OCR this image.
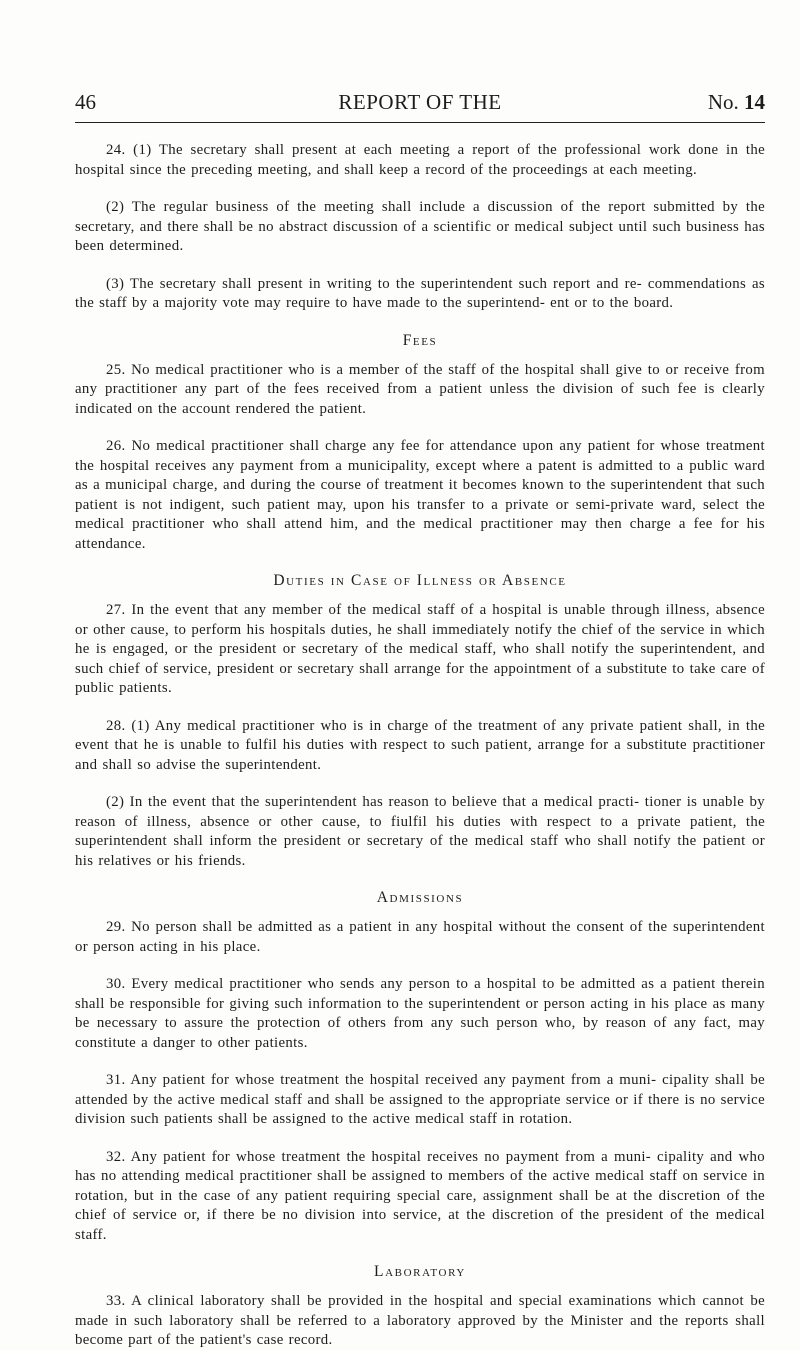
46	REPORT OF THE	No. 14

24. (1) The secretary shall present at each meeting a report of the professional work done in the hospital since the preceding meeting, and shall keep a record of the proceedings at each meeting.

(2) The regular business of the meeting shall include a discussion of the report submitted by the secretary, and there shall be no abstract discussion of a scientific or medical subject until such business has been determined.

(3) The secretary shall present in writing to the superintendent such report and re- commendations as the staff by a majority vote may require to have made to the superintend- ent or to the board.

Fees

25. No medical practitioner who is a member of the staff of the hospital shall give to or receive from any practitioner any part of the fees received from a patient unless the division of such fee is clearly indicated on the account rendered the patient.

26. No medical practitioner shall charge any fee for attendance upon any patient for whose treatment the hospital receives any payment from a municipality, except where a patent is admitted to a public ward as a municipal charge, and during the course of treatment it becomes known to the superintendent that such patient is not indigent, such patient may, upon his transfer to a private or semi-private ward, select the medical practitioner who shall attend him, and the medical practitioner may then charge a fee for his attendance.

Duties in Case of Illness or Absence

27. In the event that any member of the medical staff of a hospital is unable through illness, absence or other cause, to perform his hospitals duties, he shall immediately notify the chief of the service in which he is engaged, or the president or secretary of the medical staff, who shall notify the superintendent, and such chief of service, president or secretary shall arrange for the appointment of a substitute to take care of public patients.

28. (1) Any medical practitioner who is in charge of the treatment of any private patient shall, in the event that he is unable to fulfil his duties with respect to such patient, arrange for a substitute practitioner and shall so advise the superintendent.

(2) In the event that the superintendent has reason to believe that a medical practi- tioner is unable by reason of illness, absence or other cause, to fiulfil his duties with respect to a private patient, the superintendent shall inform the president or secretary of the medical staff who shall notify the patient or his relatives or his friends.

Admissions

29. No person shall be admitted as a patient in any hospital without the consent of the superintendent or person acting in his place.

30. Every medical practitioner who sends any person to a hospital to be admitted as a patient therein shall be responsible for giving such information to the superintendent or person acting in his place as many be necessary to assure the protection of others from any such person who, by reason of any fact, may constitute a danger to other patients.

31. Any patient for whose treatment the hospital received any payment from a muni- cipality shall be attended by the active medical staff and shall be assigned to the appropriate service or if there is no service division such patients shall be assigned to the active medical staff in rotation.

32. Any patient for whose treatment the hospital receives no payment from a muni- cipality and who has no attending medical practitioner shall be assigned to members of the active medical staff on service in rotation, but in the case of any patient requiring special care, assignment shall be at the discretion of the chief of service or, if there be no division into service, at the discretion of the president of the medical staff.

Laboratory

33. A clinical laboratory shall be provided in the hospital and special examinations which cannot be made in such laboratory shall be referred to a laboratory approved by the Minister and the reports shall become part of the patient's case record.
